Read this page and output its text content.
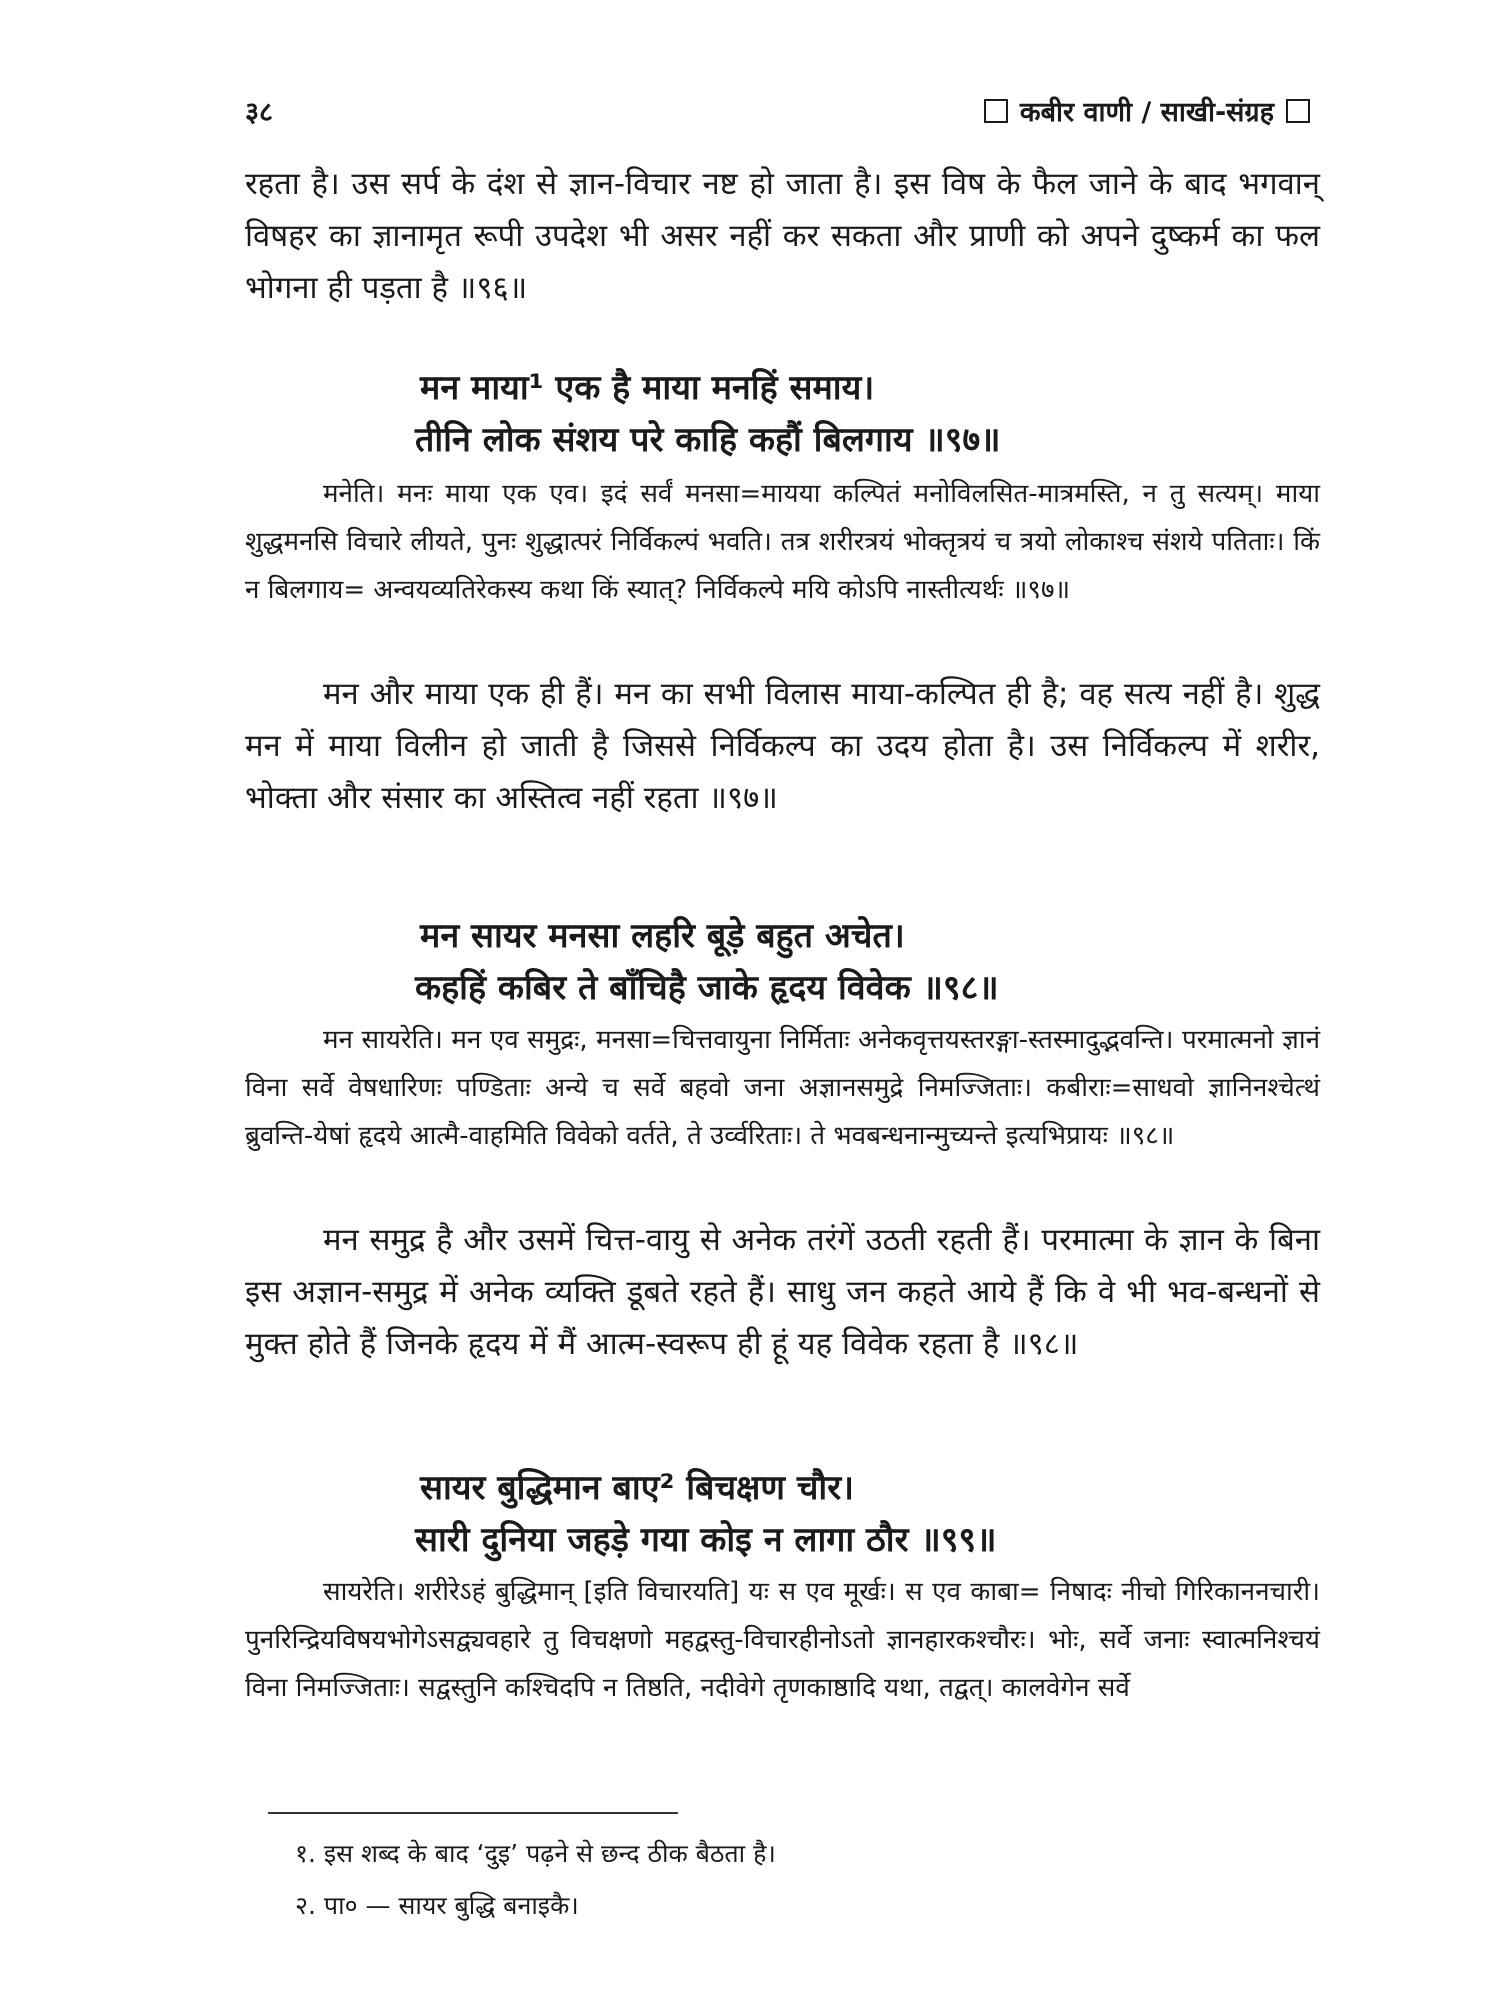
३८	कबीर वाणी / साखी-संग्रह

रहता है। उस सर्प के दंश से ज्ञान-विचार नष्ट हो जाता है। इस विष के फैल जाने के बाद भगवान् विषहर का ज्ञानामृत रूपी उपदेश भी असर नहीं कर सकता और प्राणी को अपने दुष्कर्म का फल भोगना ही पड़ता है ॥९६॥

मन माया¹ एक है माया मनहिं समाय।
तीनि लोक संशय परे काहि कहौं बिलगाय ॥९७॥

मनेति। मनः माया एक एव। इदं सर्वं मनसा=मायया कल्पितं मनोविलसित-मात्रमस्ति, न तु सत्यम्। माया शुद्धमनसि विचारे लीयते, पुनः शुद्धात्परं निर्विकल्पं भवति। तत्र शरीरत्रयं भोक्तृत्रयं च त्रयो लोकाश्च संशये पतिताः। किं न बिलगाय= अन्वयव्यतिरेकस्य कथा किं स्यात्? निर्विकल्पे मयि कोऽपि नास्तीत्यर्थः ॥९७॥

मन और माया एक ही हैं। मन का सभी विलास माया-कल्पित ही है; वह सत्य नहीं है। शुद्ध मन में माया विलीन हो जाती है जिससे निर्विकल्प का उदय होता है। उस निर्विकल्प में शरीर, भोक्ता और संसार का अस्तित्व नहीं रहता ॥९७॥

मन सायर मनसा लहरि बूड़े बहुत अचेत।
कहहिं कबिर ते बाँचिहै जाके हृदय विवेक ॥९८॥

मन सायरेति। मन एव समुद्रः, मनसा=चित्तवायुना निर्मिताः अनेकवृत्तयस्तरङ्गा-स्तस्मादुद्भवन्ति। परमात्मनो ज्ञानं विना सर्वे वेषधारिणः पण्डिताः अन्ये च सर्वे बहवो जना अज्ञानसमुद्रे निमज्जिताः। कबीराः=साधवो ज्ञानिनश्चेत्थं ब्रुवन्ति-येषां हृदये आत्मै-वाहमिति विवेको वर्तते, ते उर्व्वरिताः। ते भवबन्धनान्मुच्यन्ते इत्यभिप्रायः ॥९८॥

मन समुद्र है और उसमें चित्त-वायु से अनेक तरंगें उठती रहती हैं। परमात्मा के ज्ञान के बिना इस अज्ञान-समुद्र में अनेक व्यक्ति डूबते रहते हैं। साधु जन कहते आये हैं कि वे भी भव-बन्धनों से मुक्त होते हैं जिनके हृदय में मैं आत्म-स्वरूप ही हूं यह विवेक रहता है ॥९८॥

सायर बुद्धिमान बाए² बिचक्षण चौर।
सारी दुनिया जहड़े गया कोइ न लागा ठौर ॥९९॥

सायरेति। शरीरेऽहं बुद्धिमान् [इति विचारयति] यः स एव मूर्खः। स एव काबा= निषादः नीचो गिरिकाननचारी। पुनरिन्द्रियविषयभोगेऽसद्व्यवहारे तु विचक्षणो महद्वस्तु-विचारहीनोऽतो ज्ञानहारकश्चौरः। भोः, सर्वे जनाः स्वात्मनिश्चयं विना निमज्जिताः। सद्वस्तुनि कश्चिदपि न तिष्ठति, नदीवेगे तृणकाष्ठादि यथा, तद्वत्। कालवेगेन सर्वे

१. इस शब्द के बाद ‘दुइ’ पढ़ने से छन्द ठीक बैठता है।

२. पा० — सायर बुद्धि बनाइकै।
